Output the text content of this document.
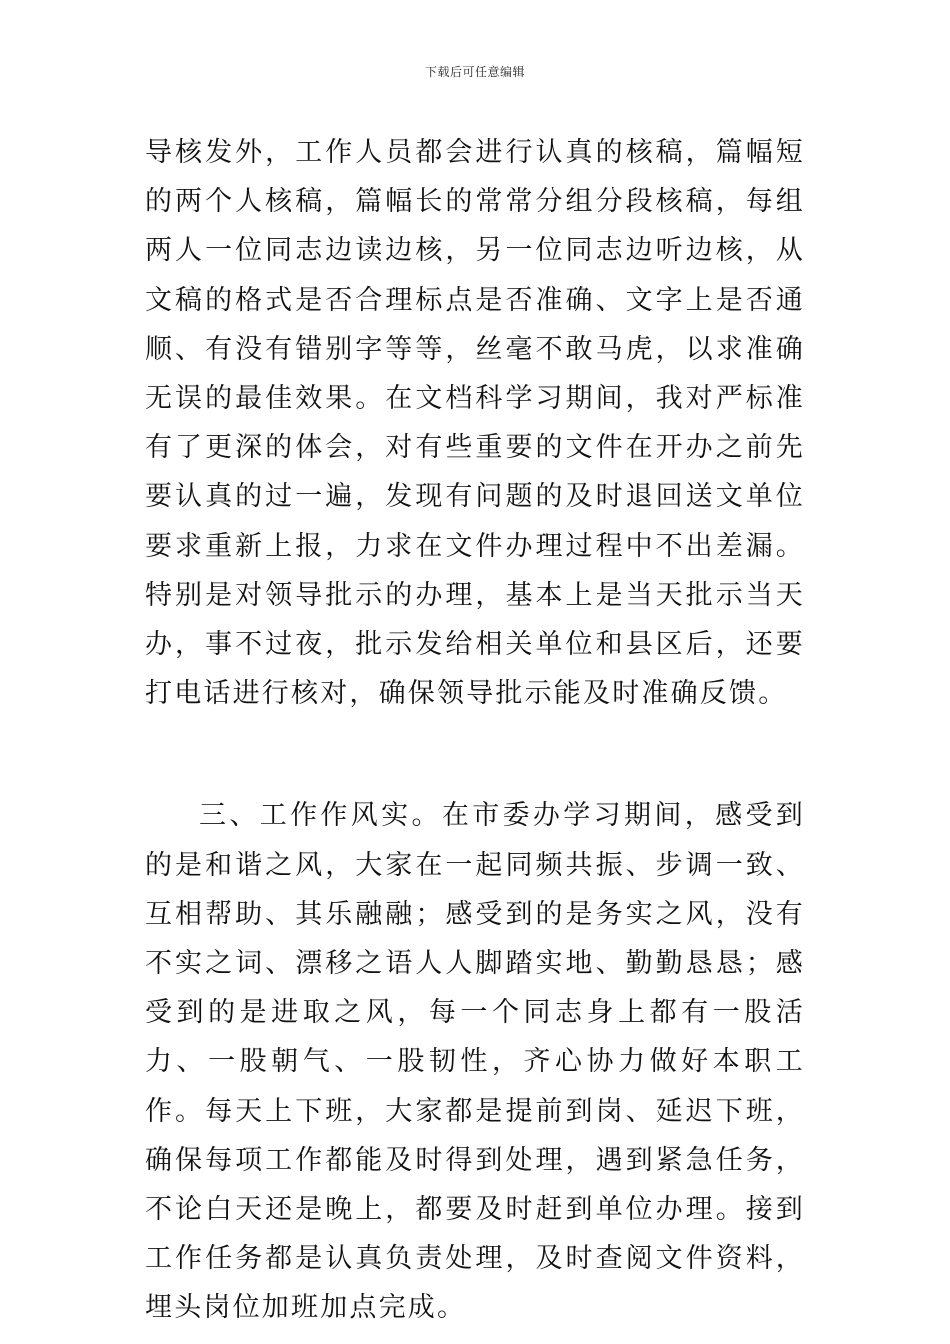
下载后可任意编辑

导核发外，工作人员都会进行认真的核稿，篇幅短的两个人核稿，篇幅长的常常分组分段核稿，每组两人一位同志边读边核，另一位同志边听边核，从文稿的格式是否合理标点是否准确、文字上是否通顺、有没有错别字等等，丝毫不敢马虎，以求准确无误的最佳效果。在文档科学习期间，我对严标准有了更深的体会，对有些重要的文件在开办之前先要认真的过一遍，发现有问题的及时退回送文单位要求重新上报，力求在文件办理过程中不出差漏。特别是对领导批示的办理，基本上是当天批示当天办，事不过夜，批示发给相关单位和县区后，还要打电话进行核对，确保领导批示能及时准确反馈。

三、工作作风实。在市委办学习期间，感受到的是和谐之风，大家在一起同频共振、步调一致、互相帮助、其乐融融；感受到的是务实之风，没有不实之词、漂移之语人人脚踏实地、勤勤恳恳；感受到的是进取之风，每一个同志身上都有一股活力、一股朝气、一股韧性，齐心协力做好本职工作。每天上下班，大家都是提前到岗、延迟下班，确保每项工作都能及时得到处理，遇到紧急任务，不论白天还是晚上，都要及时赶到单位办理。接到工作任务都是认真负责处理，及时查阅文件资料，埋头岗位加班加点完成。
